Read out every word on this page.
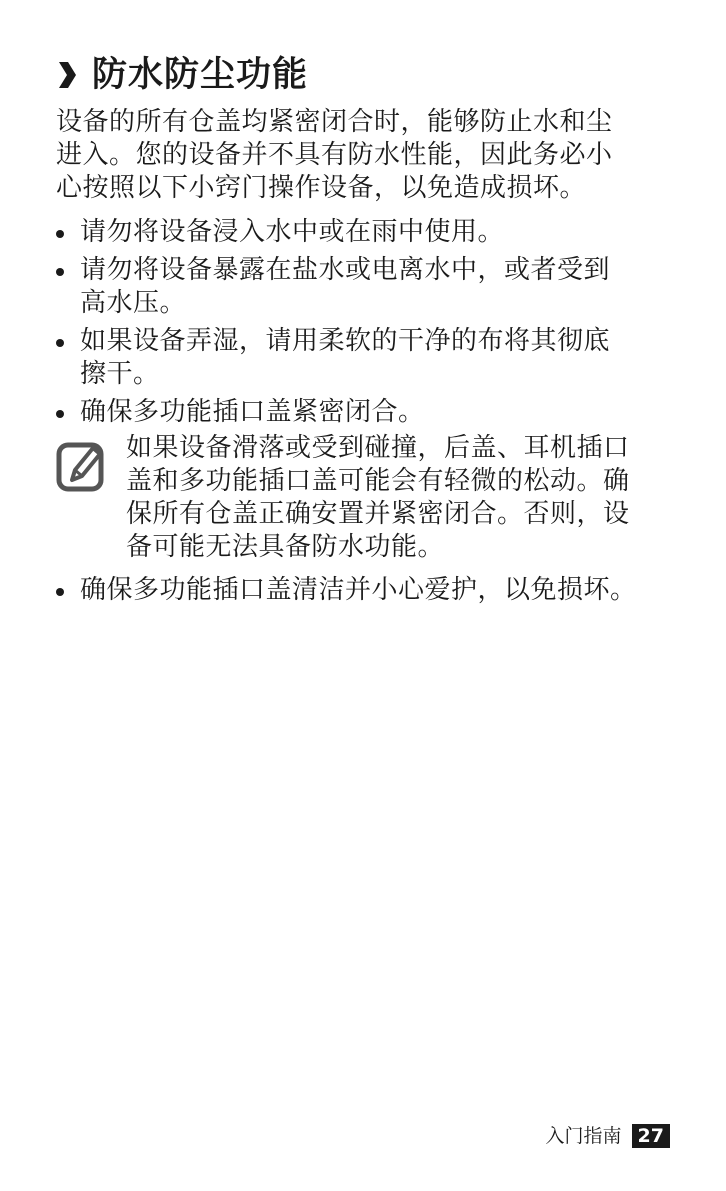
防水防尘功能
设备的所有仓盖均紧密闭合时，能够防止水和尘
进入。您的设备并不具有防水性能，因此务必小
心按照以下小窍门操作设备，以免造成损坏。
请勿将设备浸入水中或在雨中使用。
请勿将设备暴露在盐水或电离水中，或者受到
高水压。
如果设备弄湿，请用柔软的干净的布将其彻底
擦干。
确保多功能插口盖紧密闭合。
如果设备滑落或受到碰撞，后盖、耳机插口
盖和多功能插口盖可能会有轻微的松动。确
保所有仓盖正确安置并紧密闭合。否则，设
备可能无法具备防水功能。
确保多功能插口盖清洁并小心爱护，以免损坏。
入门指南 27
